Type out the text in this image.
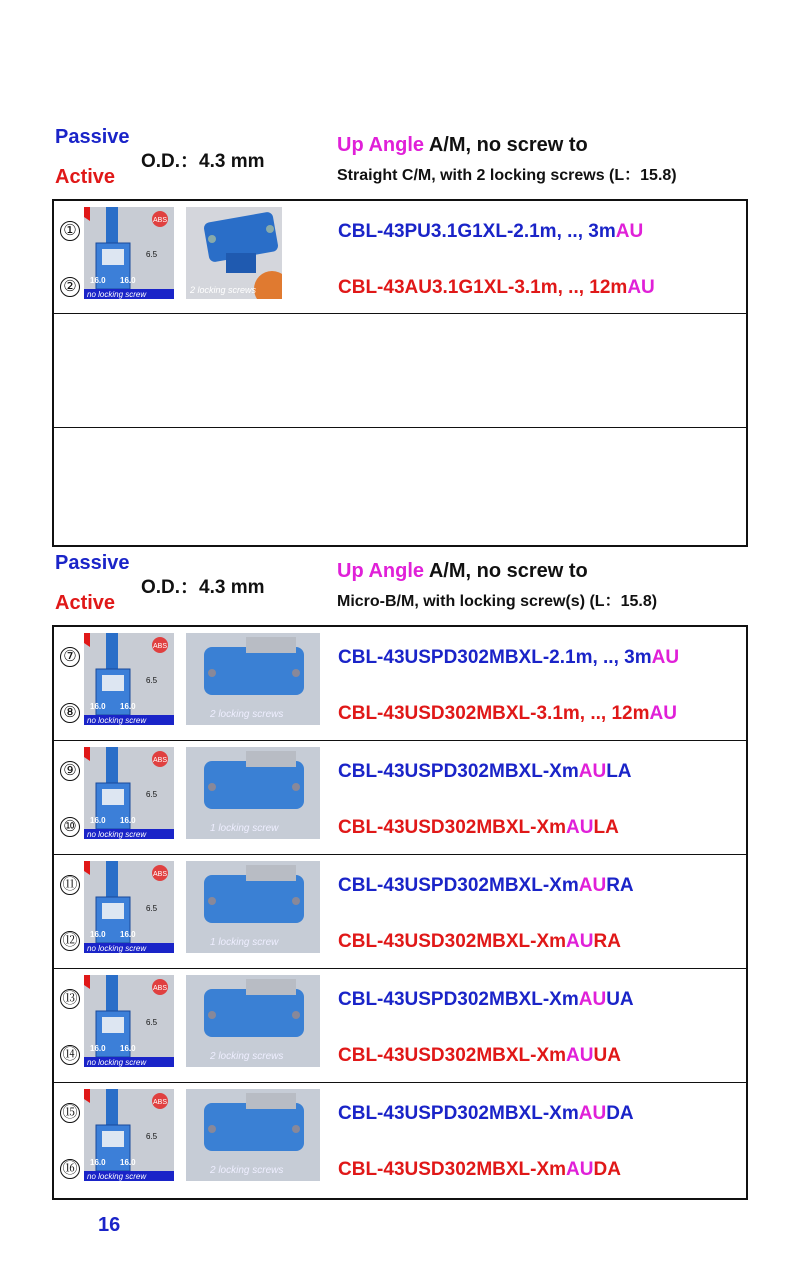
Passive
Active
O.D.：4.3 mm
Up Angle A/M, no screw to
Straight C/M, with 2 locking screws (L：15.8)
①
②
ABS
6.5
16.0 16.0
no locking screw	2 locking screws
CBL-43PU3.1G1XL-2.1m, .., 3mAU
CBL-43AU3.1G1XL-3.1m, .., 12mAU
Passive
Active
O.D.：4.3 mm
Up Angle A/M, no screw to
Micro-B/M, with locking screw(s) (L：15.8)
⑦
⑧
ABS
6.5
16.0 16.0
no locking screw
2 locking screws
CBL-43USPD302MBXL-2.1m, .., 3mAU
CBL-43USD302MBXL-3.1m, .., 12mAU
⑨
⑩
ABS
6.5
16.0 16.0
no locking screw
1 locking screw
CBL-43USPD302MBXL-XmAULA
CBL-43USD302MBXL-XmAULA
⑪
⑫
ABS
6.5
16.0 16.0
no locking screw
1 locking screw
CBL-43USPD302MBXL-XmAURA
CBL-43USD302MBXL-XmAURA
⑬
⑭
ABS
6.5
16.0 16.0
no locking screw
2 locking screws
CBL-43USPD302MBXL-XmAUUA
CBL-43USD302MBXL-XmAUUA
⑮
⑯
ABS
6.5
16.0 16.0
no locking screw
2 locking screws
CBL-43USPD302MBXL-XmAUDA
CBL-43USD302MBXL-XmAUDA
16
